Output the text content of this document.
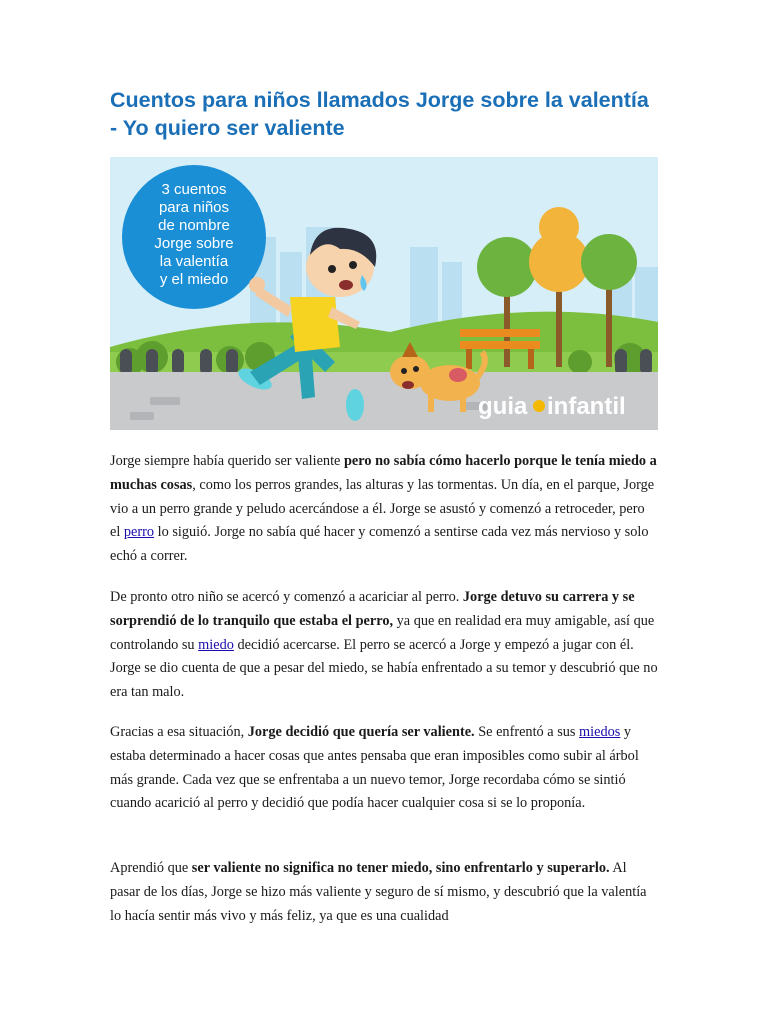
Cuentos para niños llamados Jorge sobre la valentía - Yo quiero ser valiente
3 cuentos
para niños
de nombre
Jorge sobre
la valentía
y el miedo
guia infantil

Jorge siempre había querido ser valiente pero no sabía cómo hacerlo porque le tenía miedo a muchas cosas, como los perros grandes, las alturas y las tormentas. Un día, en el parque, Jorge vio a un perro grande y peludo acercándose a él. Jorge se asustó y comenzó a retroceder, pero el perro lo siguió. Jorge no sabía qué hacer y comenzó a sentirse cada vez más nervioso y solo echó a correr.

De pronto otro niño se acercó y comenzó a acariciar al perro. Jorge detuvo su carrera y se sorprendió de lo tranquilo que estaba el perro, ya que en realidad era muy amigable, así que controlando su miedo decidió acercarse. El perro se acercó a Jorge y empezó a jugar con él. Jorge se dio cuenta de que a pesar del miedo, se había enfrentado a su temor y descubrió que no era tan malo.

Gracias a esa situación, Jorge decidió que quería ser valiente. Se enfrentó a sus miedos y estaba determinado a hacer cosas que antes pensaba que eran imposibles como subir al árbol más grande. Cada vez que se enfrentaba a un nuevo temor, Jorge recordaba cómo se sintió cuando acarició al perro y decidió que podía hacer cualquier cosa si se lo proponía.

Aprendió que ser valiente no significa no tener miedo, sino enfrentarlo y superarlo. Al pasar de los días, Jorge se hizo más valiente y seguro de sí mismo, y descubrió que la valentía lo hacía sentir más vivo y más feliz, ya que es una cualidad
